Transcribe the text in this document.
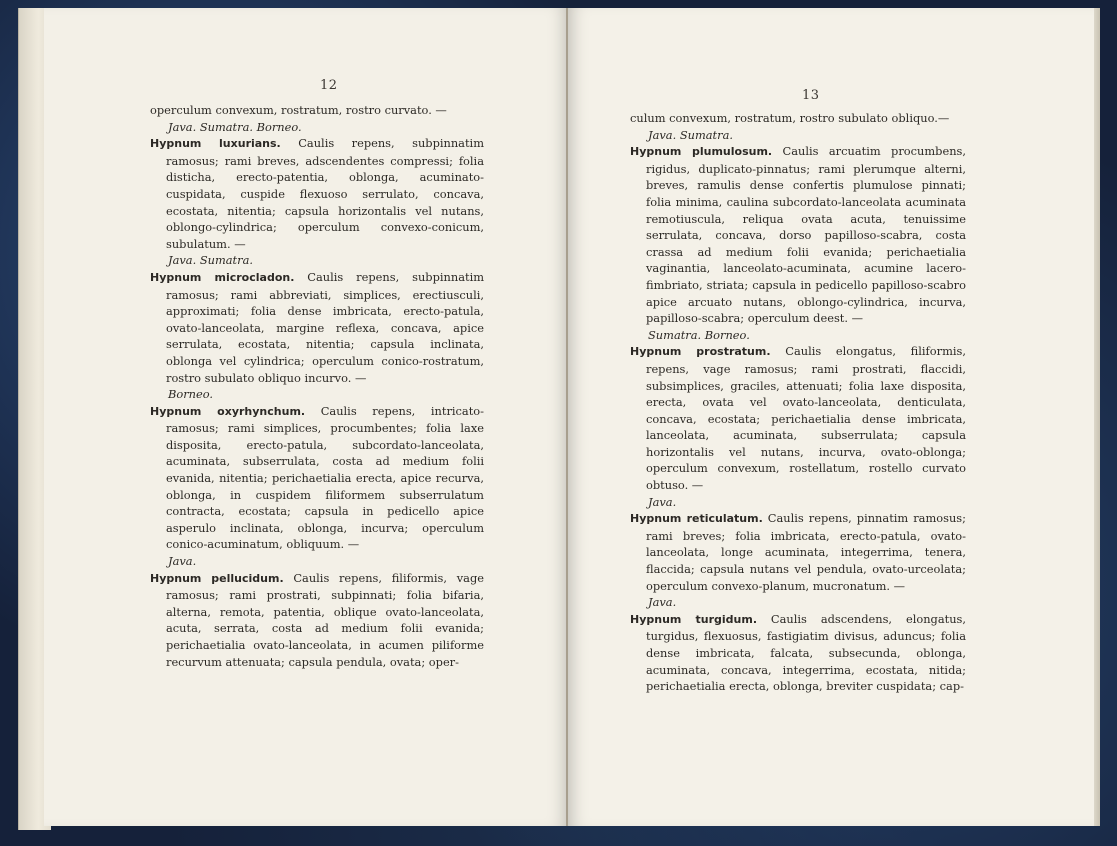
12

operculum convexum, rostratum, rostro curvato. —

Java. Sumatra. Borneo.

Hypnum luxurians. Caulis repens, subpinnatim ramosus; rami breves, adscendentes compressi; folia disticha, erecto-patentia, oblonga, acuminato-cuspidata, cuspide flexuoso serrulato, concava, ecostata, nitentia; capsula horizontalis vel nutans, oblongo-cylindrica; operculum convexo-conicum, subulatum. —

Java. Sumatra.

Hypnum microcladon. Caulis repens, subpinnatim ramosus; rami abbreviati, simplices, erectiusculi, approximati; folia dense imbricata, erecto-patula, ovato-lanceolata, margine reflexa, concava, apice serrulata, ecostata, nitentia; capsula inclinata, oblonga vel cylindrica; operculum conico-rostratum, rostro subulato obliquo incurvo. —

Borneo.

Hypnum oxyrhynchum. Caulis repens, intricato-ramosus; rami simplices, procumbentes; folia laxe disposita, erecto-patula, subcordato-lanceolata, acuminata, subserrulata, costa ad medium folii evanida, nitentia; perichaetialia erecta, apice recurva, oblonga, in cuspidem filiformem subserrulatum contracta, ecostata; capsula in pedicello apice asperulo inclinata, oblonga, incurva; operculum conico-acuminatum, obliquum. —

Java.

Hypnum pellucidum. Caulis repens, filiformis, vage ramosus; rami prostrati, subpinnati; folia bifaria, alterna, remota, patentia, oblique ovato-lanceolata, acuta, serrata, costa ad medium folii evanida; perichaetialia ovato-lanceolata, in acumen piliforme recurvum attenuata; capsula pendula, ovata; oper-

13

culum convexum, rostratum, rostro subulato obliquo.—

Java. Sumatra.

Hypnum plumulosum. Caulis arcuatim procumbens, rigidus, duplicato-pinnatus; rami plerumque alterni, breves, ramulis dense confertis plumulose pinnati; folia minima, caulina subcordato-lanceolata acuminata remotiuscula, reliqua ovata acuta, tenuissime serrulata, concava, dorso papilloso-scabra, costa crassa ad medium folii evanida; perichaetialia vaginantia, lanceolato-acuminata, acumine lacero-fimbriato, striata; capsula in pedicello papilloso-scabro apice arcuato nutans, oblongo-cylindrica, incurva, papilloso-scabra; operculum deest. —

Sumatra. Borneo.

Hypnum prostratum. Caulis elongatus, filiformis, repens, vage ramosus; rami prostrati, flaccidi, subsimplices, graciles, attenuati; folia laxe disposita, erecta, ovata vel ovato-lanceolata, denticulata, concava, ecostata; perichaetialia dense imbricata, lanceolata, acuminata, subserrulata; capsula horizontalis vel nutans, incurva, ovato-oblonga; operculum convexum, rostellatum, rostello curvato obtuso. —

Java.

Hypnum reticulatum. Caulis repens, pinnatim ramosus; rami breves; folia imbricata, erecto-patula, ovato-lanceolata, longe acuminata, integerrima, tenera, flaccida; capsula nutans vel pendula, ovato-urceolata; operculum convexo-planum, mucronatum. —

Java.

Hypnum turgidum. Caulis adscendens, elongatus, turgidus, flexuosus, fastigiatim divisus, aduncus; folia dense imbricata, falcata, subsecunda, oblonga, acuminata, concava, integerrima, ecostata, nitida; perichaetialia erecta, oblonga, breviter cuspidata; cap-
